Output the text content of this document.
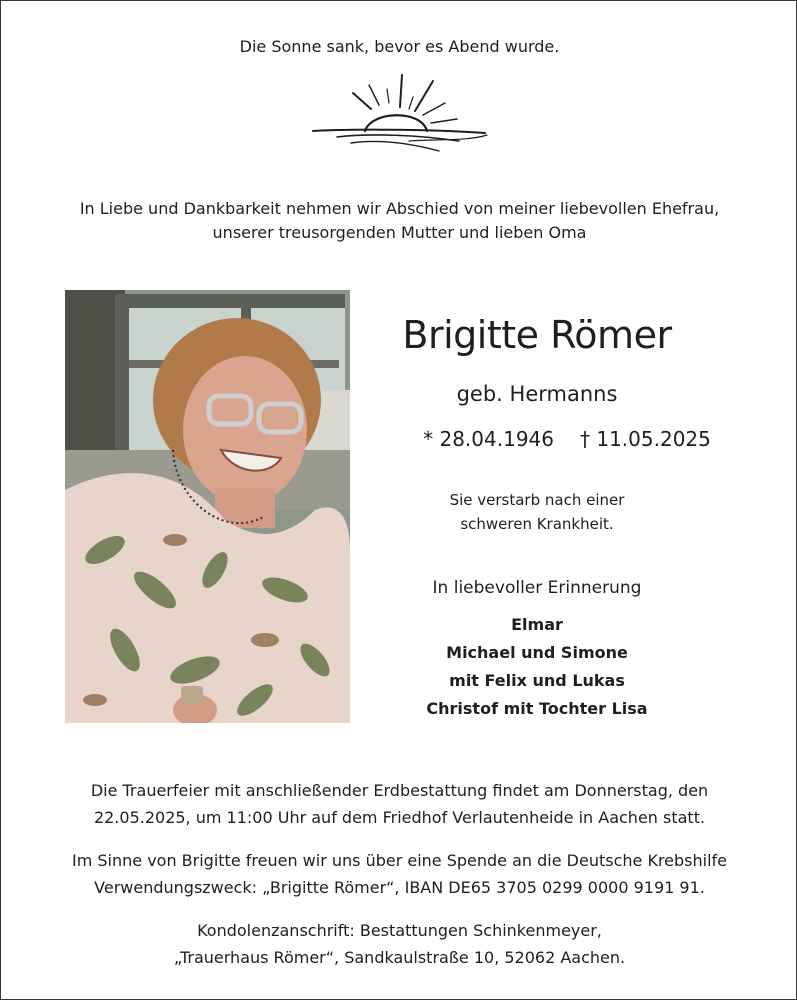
Die Sonne sank, bevor es Abend wurde.
In Liebe und Dankbarkeit nehmen wir Abschied von meiner liebevollen Ehefrau,
unserer treusorgenden Mutter und lieben Oma
Brigitte Römer
geb. Hermanns
* 28.04.1946 † 11.05.2025
Sie verstarb nach einer
schweren Krankheit.
In liebevoller Erinnerung
Elmar
Michael und Simone
mit Felix und Lukas
Christof mit Tochter Lisa
Die Trauerfeier mit anschließender Erdbestattung findet am Donnerstag, den
22.05.2025, um 11:00 Uhr auf dem Friedhof Verlautenheide in Aachen statt.
Im Sinne von Brigitte freuen wir uns über eine Spende an die Deutsche Krebshilfe
Verwendungszweck: „Brigitte Römer“, IBAN DE65 3705 0299 0000 9191 91.
Kondolenzanschrift: Bestattungen Schinkenmeyer,
„Trauerhaus Römer“, Sandkaulstraße 10, 52062 Aachen.
